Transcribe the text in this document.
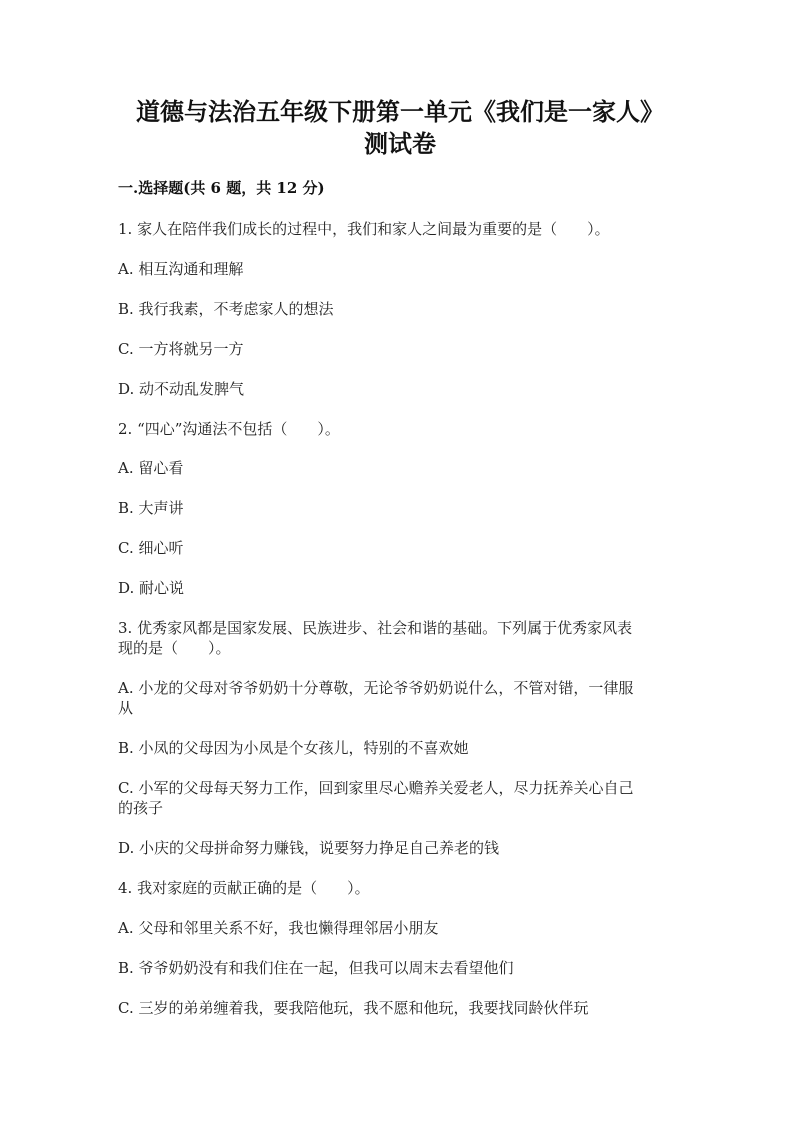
道德与法治五年级下册第一单元《我们是一家人》
测试卷
一.选择题(共 6 题，共 12 分)
1. 家人在陪伴我们成长的过程中，我们和家人之间最为重要的是（　　）。
A. 相互沟通和理解
B. 我行我素，不考虑家人的想法
C. 一方将就另一方
D. 动不动乱发脾气
2. “四心”沟通法不包括（　　）。
A. 留心看
B. 大声讲
C. 细心听
D. 耐心说
3. 优秀家风都是国家发展、民族进步、社会和谐的基础。下列属于优秀家风表
现的是（　　）。
A. 小龙的父母对爷爷奶奶十分尊敬，无论爷爷奶奶说什么，不管对错，一律服
从
B. 小凤的父母因为小凤是个女孩儿，特别的不喜欢她
C. 小军的父母每天努力工作，回到家里尽心赡养关爱老人，尽力抚养关心自己
的孩子
D. 小庆的父母拼命努力赚钱，说要努力挣足自己养老的钱
4. 我对家庭的贡献正确的是（　　）。
A. 父母和邻里关系不好，我也懒得理邻居小朋友
B. 爷爷奶奶没有和我们住在一起，但我可以周末去看望他们
C. 三岁的弟弟缠着我，要我陪他玩，我不愿和他玩，我要找同龄伙伴玩
